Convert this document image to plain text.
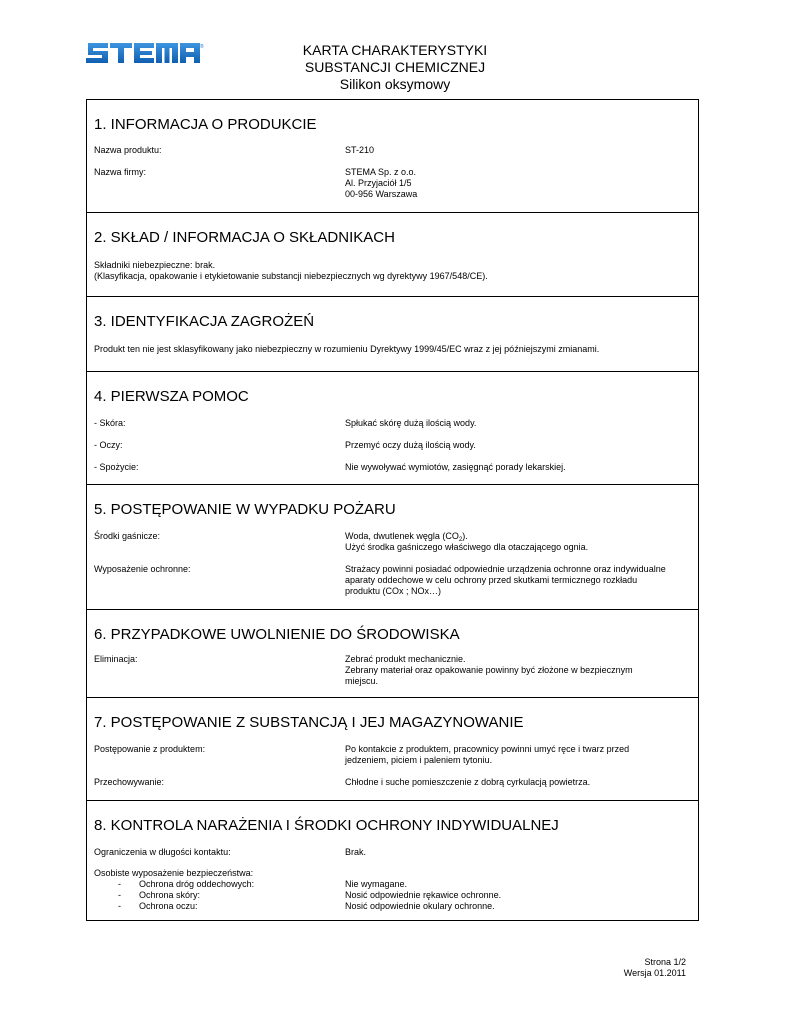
®	KARTA CHARAKTERYSTYKI
SUBSTANCJI CHEMICZNEJ
Silikon oksymowy
1. INFORMACJA O PRODUKCIE
Nazwa produktu:	ST-210
Nazwa firmy:	STEMA Sp. z o.o.
Al. Przyjaciół 1/5
00-956 Warszawa
2. SKŁAD / INFORMACJA O SKŁADNIKACH
Składniki niebezpieczne: brak.
(Klasyfikacja, opakowanie i etykietowanie substancji niebezpiecznych wg dyrektywy 1967/548/CE).
3. IDENTYFIKACJA ZAGROŻEŃ
Produkt ten nie jest sklasyfikowany jako niebezpieczny w rozumieniu Dyrektywy 1999/45/EC wraz z jej późniejszymi zmianami.
4. PIERWSZA POMOC
- Skóra:	Spłukać skórę dużą ilością wody.
- Oczy:	Przemyć oczy dużą ilością wody.
- Spożycie:	Nie wywoływać wymiotów, zasięgnąć porady lekarskiej.
5. POSTĘPOWANIE W WYPADKU POŻARU
Środki gaśnicze:	Woda, dwutlenek węgla $(CO_2)$.
Użyć środka gaśniczego właściwego dla otaczającego ognia.
Wyposażenie ochronne:	Strażacy powinni posiadać odpowiednie urządzenia ochronne oraz indywidualne
aparaty oddechowe w celu ochrony przed skutkami termicznego rozkładu
produktu (COx ; NOx…)
6. PRZYPADKOWE UWOLNIENIE DO ŚRODOWISKA
Eliminacja:	Zebrać produkt mechanicznie.
Zebrany materiał oraz opakowanie powinny być złożone w bezpiecznym
miejscu.
7. POSTĘPOWANIE Z SUBSTANCJĄ I JEJ MAGAZYNOWANIE
Postępowanie z produktem:	Po kontakcie z produktem, pracownicy powinni umyć ręce i twarz przed
jedzeniem, piciem i paleniem tytoniu.
Przechowywanie:	Chłodne i suche pomieszczenie z dobrą cyrkulacją powietrza.
8. KONTROLA NARAŻENIA I ŚRODKI OCHRONY INDYWIDUALNEJ
Ograniczenia w długości kontaktu:	Brak.
Osobiste wyposażenie bezpieczeństwa:
- Ochrona dróg oddechowych:	Nie wymagane.
- Ochrona skóry:	Nosić odpowiednie rękawice ochronne.
- Ochrona oczu:	Nosić odpowiednie okulary ochronne.
Strona 1/2
Wersja 01.2011
